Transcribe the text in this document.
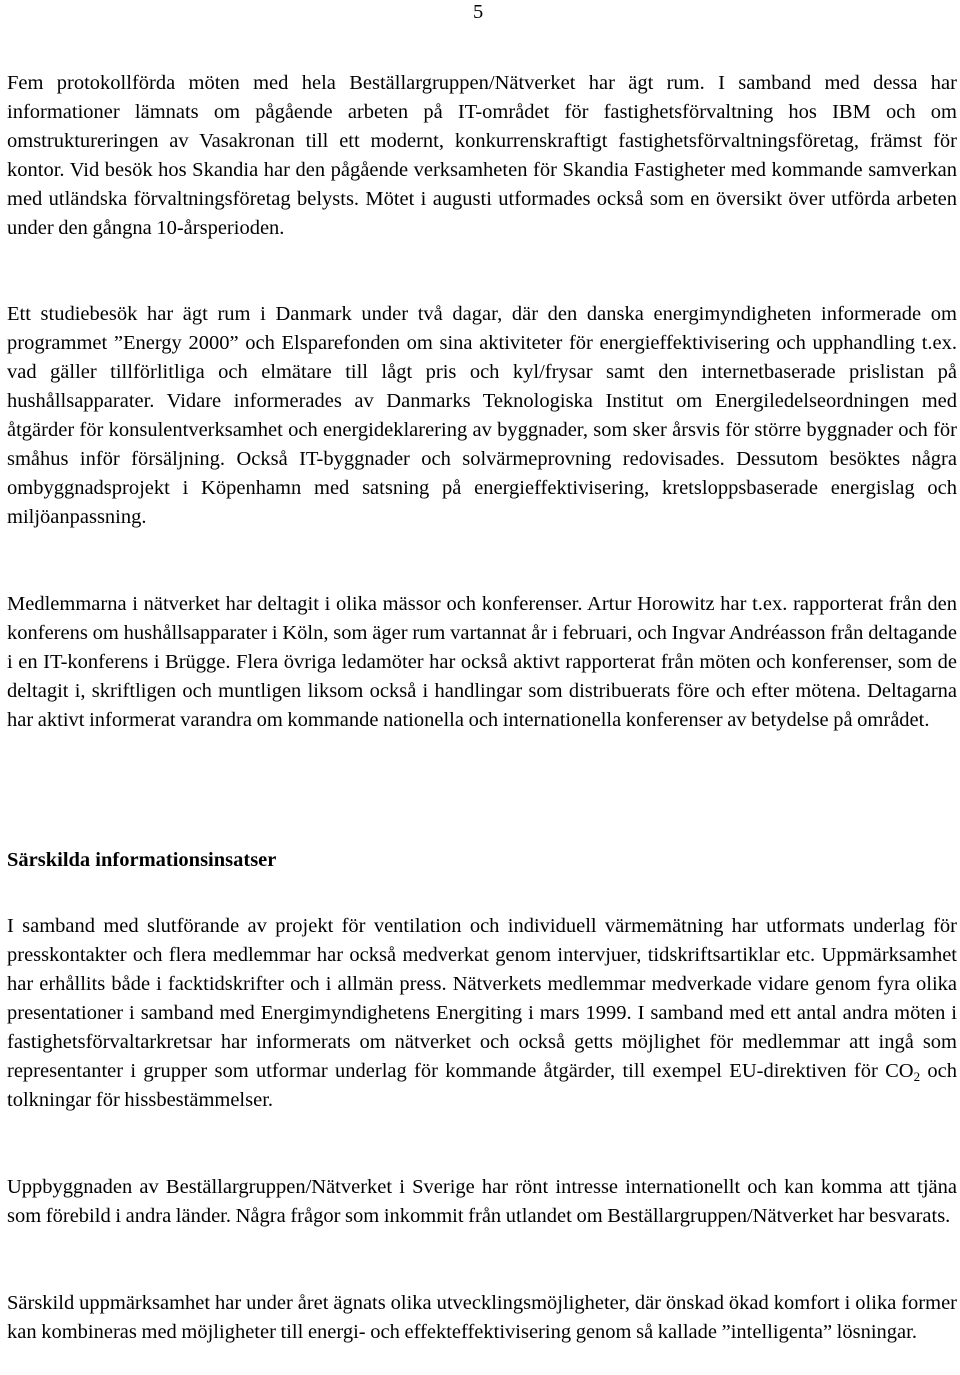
5

Fem protokollförda möten med hela Beställargruppen/Nätverket har ägt rum. I samband med dessa har informationer lämnats om pågående arbeten på IT-området för fastighetsförvaltning hos IBM och om omstruktureringen av Vasakronan till ett modernt, konkurrenskraftigt fastighetsförvaltningsföretag, främst för kontor. Vid besök hos Skandia har den pågående verksamheten för Skandia Fastigheter med kommande samverkan med utländska förvaltningsföretag belysts. Mötet i augusti utformades också som en översikt över utförda arbeten under den gångna 10-årsperioden.

Ett studiebesök har ägt rum i Danmark under två dagar, där den danska energimyndigheten informerade om programmet ”Energy 2000” och Elsparefonden om sina aktiviteter för energieffektivisering och upphandling t.ex. vad gäller tillförlitliga och elmätare till lågt pris och kyl/frysar samt den internetbaserade prislistan på hushållsapparater. Vidare informerades av Danmarks Teknologiska Institut om Energiledelseordningen med åtgärder för konsulentverksamhet och energideklarering av byggnader, som sker årsvis för större byggnader och för småhus inför försäljning. Också IT-byggnader och solvärmeprovning redovisades. Dessutom besöktes några ombyggnadsprojekt i Köpenhamn med satsning på energieffektivisering, kretsloppsbaserade energislag och miljöanpassning.

Medlemmarna i nätverket har deltagit i olika mässor och konferenser. Artur Horowitz har t.ex. rapporterat från den konferens om hushållsapparater i Köln, som äger rum vartannat år i februari, och Ingvar Andréasson från deltagande i en IT-konferens i Brügge. Flera övriga ledamöter har också aktivt rapporterat från möten och konferenser, som de deltagit i, skriftligen och muntligen liksom också i handlingar som distribuerats före och efter mötena. Deltagarna har aktivt informerat varandra om kommande nationella och internationella konferenser av betydelse på området.

Särskilda informationsinsatser

I samband med slutförande av projekt för ventilation och individuell värmemätning har utformats underlag för presskontakter och flera medlemmar har också medverkat genom intervjuer, tidskriftsartiklar etc. Uppmärksamhet har erhållits både i facktidskrifter och i allmän press. Nätverkets medlemmar medverkade vidare genom fyra olika presentationer i samband med Energimyndighetens Energiting i mars 1999. I samband med ett antal andra möten i fastighetsförvaltarkretsar har informerats om nätverket och också getts möjlighet för medlemmar att ingå som representanter i grupper som utformar underlag för kommande åtgärder, till exempel EU-direktiven för $CO_2$ och tolkningar för hissbestämmelser.

Uppbyggnaden av Beställargruppen/Nätverket i Sverige har rönt intresse internationellt och kan komma att tjäna som förebild i andra länder. Några frågor som inkommit från utlandet om Beställargruppen/Nätverket har besvarats.

Särskild uppmärksamhet har under året ägnats olika utvecklingsmöjligheter, där önskad ökad komfort i olika former kan kombineras med möjligheter till energi- och effekteffektivisering genom så kallade ”intelligenta” lösningar.
